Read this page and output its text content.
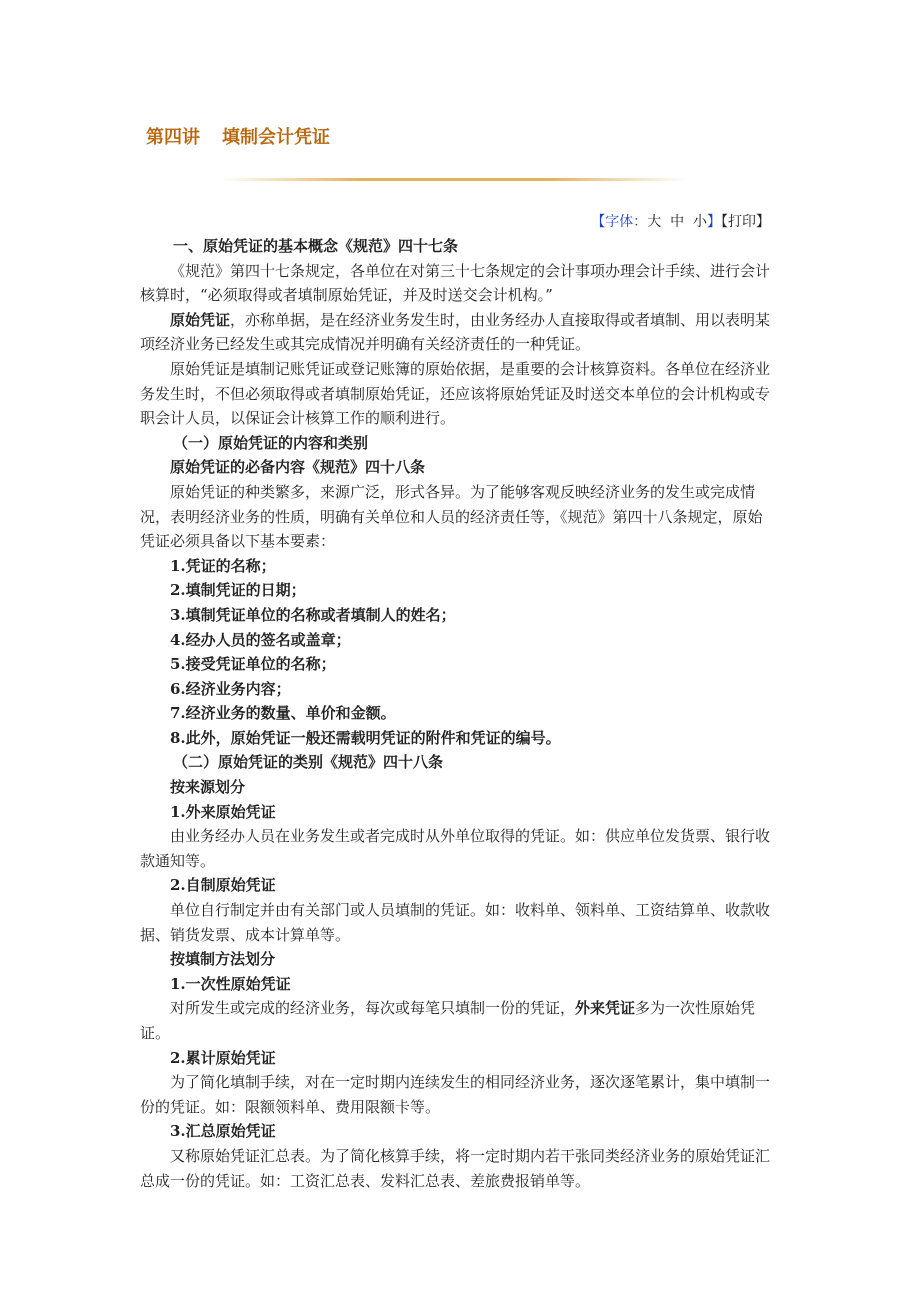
第四讲 填制会计凭证
【字体：大 中 小】【打印】

一、原始凭证的基本概念《规范》四十七条

《规范》第四十七条规定，各单位在对第三十七条规定的会计事项办理会计手续、进行会计核算时，“必须取得或者填制原始凭证，并及时送交会计机构。”

原始凭证，亦称单据，是在经济业务发生时，由业务经办人直接取得或者填制、用以表明某项经济业务已经发生或其完成情况并明确有关经济责任的一种凭证。

原始凭证是填制记账凭证或登记账簿的原始依据，是重要的会计核算资料。各单位在经济业务发生时，不但必须取得或者填制原始凭证，还应该将原始凭证及时送交本单位的会计机构或专职会计人员，以保证会计核算工作的顺利进行。

（一）原始凭证的内容和类别

原始凭证的必备内容《规范》四十八条

原始凭证的种类繁多，来源广泛，形式各异。为了能够客观反映经济业务的发生或完成情况，表明经济业务的性质，明确有关单位和人员的经济责任等，《规范》第四十八条规定，原始凭证必须具备以下基本要素：

1.凭证的名称；

2.填制凭证的日期；

3.填制凭证单位的名称或者填制人的姓名；

4.经办人员的签名或盖章；

5.接受凭证单位的名称；

6.经济业务内容；

7.经济业务的数量、单价和金额。

8.此外，原始凭证一般还需载明凭证的附件和凭证的编号。

（二）原始凭证的类别《规范》四十八条

按来源划分

1.外来原始凭证

由业务经办人员在业务发生或者完成时从外单位取得的凭证。如：供应单位发货票、银行收款通知等。

2.自制原始凭证

单位自行制定并由有关部门或人员填制的凭证。如：收料单、领料单、工资结算单、收款收据、销货发票、成本计算单等。

按填制方法划分

1.一次性原始凭证

对所发生或完成的经济业务，每次或每笔只填制一份的凭证，外来凭证多为一次性原始凭证。

2.累计原始凭证

为了简化填制手续，对在一定时期内连续发生的相同经济业务，逐次逐笔累计，集中填制一份的凭证。如：限额领料单、费用限额卡等。

3.汇总原始凭证

又称原始凭证汇总表。为了简化核算手续，将一定时期内若干张同类经济业务的原始凭证汇总成一份的凭证。如：工资汇总表、发料汇总表、差旅费报销单等。
